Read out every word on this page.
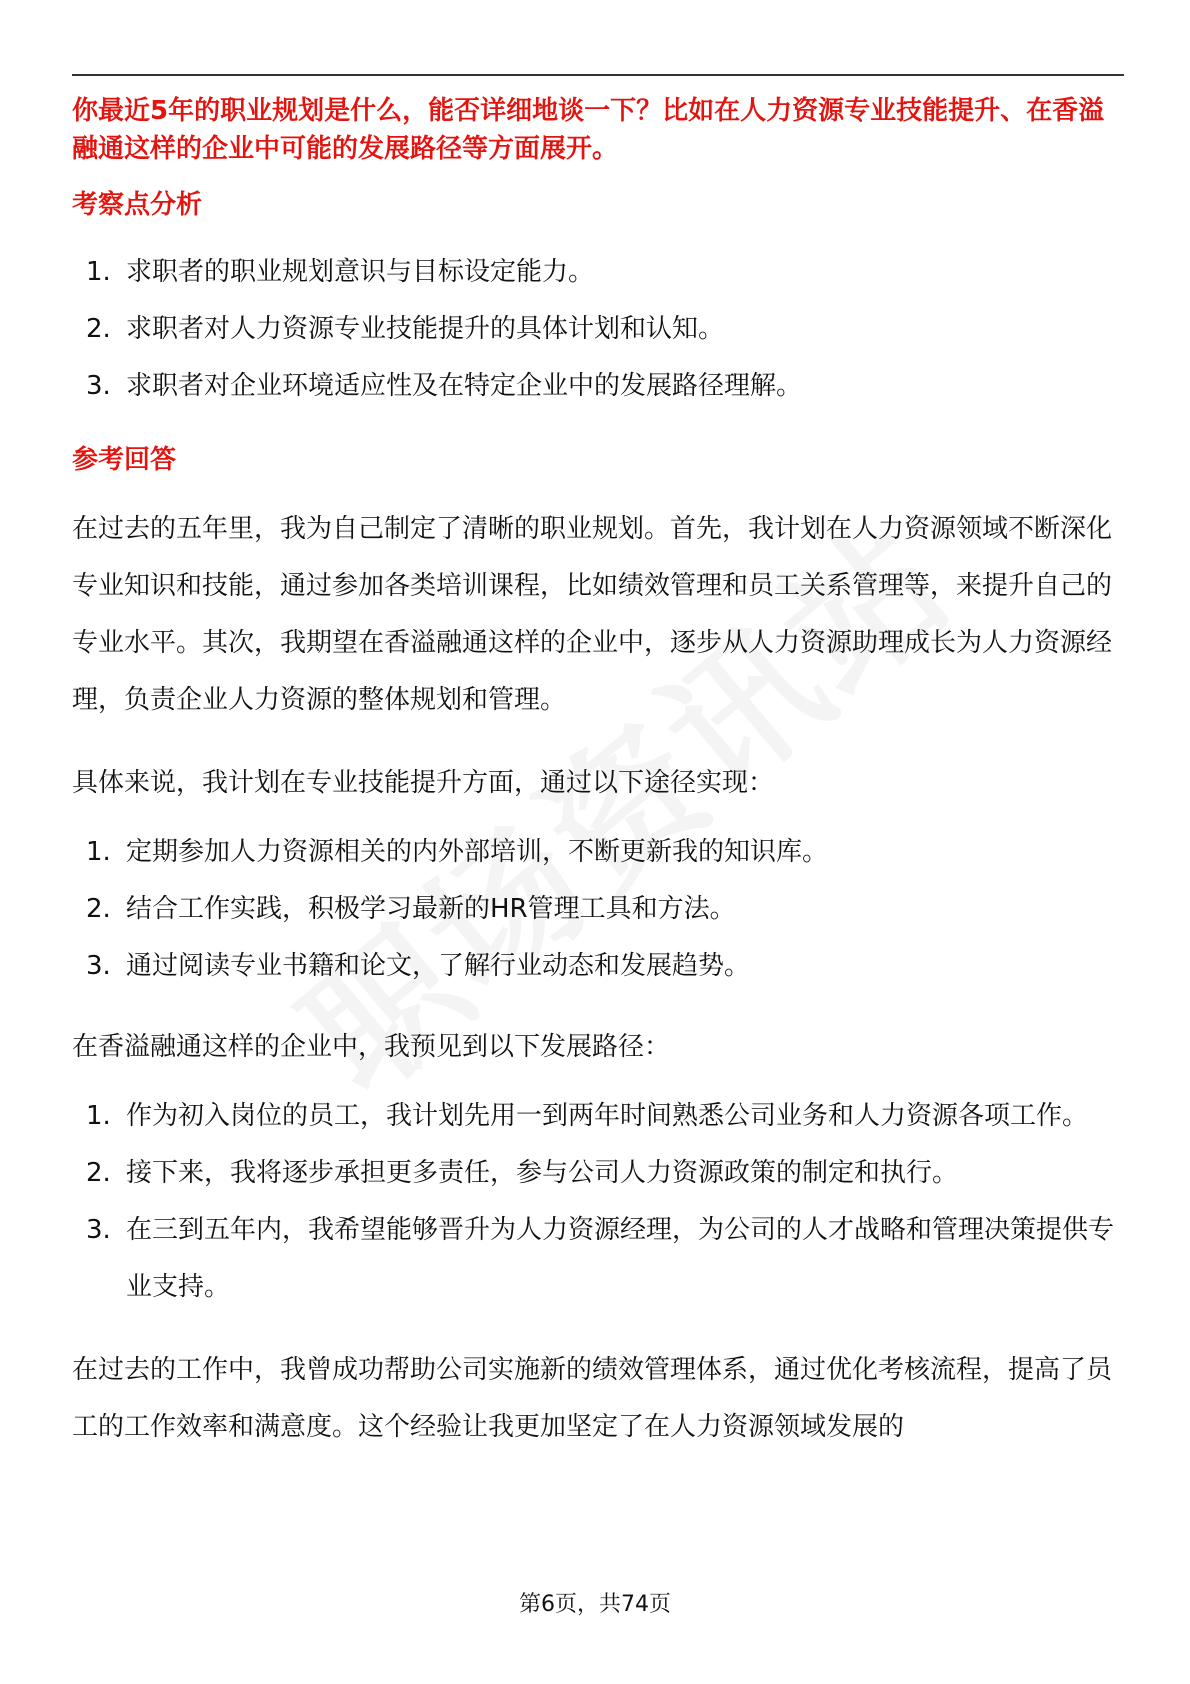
你最近5年的职业规划是什么，能否详细地谈一下？比如在人力资源专业技能提升、在香溢融通这样的企业中可能的发展路径等方面展开。

考察点分析
1. 求职者的职业规划意识与目标设定能力。
2. 求职者对人力资源专业技能提升的具体计划和认知。
3. 求职者对企业环境适应性及在特定企业中的发展路径理解。
参考回答

在过去的五年里，我为自己制定了清晰的职业规划。首先，我计划在人力资源领域不断深化专业知识和技能，通过参加各类培训课程，比如绩效管理和员工关系管理等，来提升自己的专业水平。其次，我期望在香溢融通这样的企业中，逐步从人力资源助理成长为人力资源经理，负责企业人力资源的整体规划和管理。

具体来说，我计划在专业技能提升方面，通过以下途径实现：

1. 定期参加人力资源相关的内外部培训，不断更新我的知识库。
2. 结合工作实践，积极学习最新的HR管理工具和方法。
3. 通过阅读专业书籍和论文，了解行业动态和发展趋势。

在香溢融通这样的企业中，我预见到以下发展路径：

1. 作为初入岗位的员工，我计划先用一到两年时间熟悉公司业务和人力资源各项工作。
2. 接下来，我将逐步承担更多责任，参与公司人力资源政策的制定和执行。
3. 在三到五年内，我希望能够晋升为人力资源经理，为公司的人才战略和管理决策提供专业支持。

在过去的工作中，我曾成功帮助公司实施新的绩效管理体系，通过优化考核流程，提高了员工的工作效率和满意度。这个经验让我更加坚定了在人力资源领域发展的

第6页，共74页
